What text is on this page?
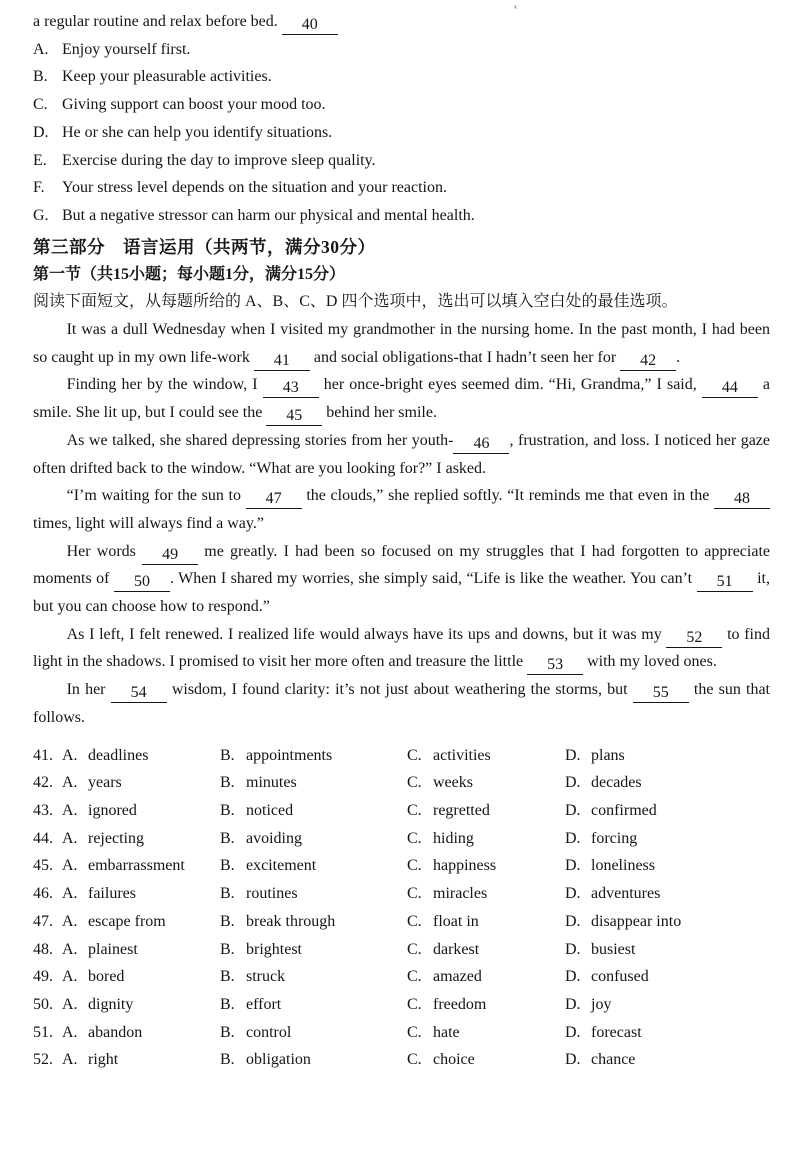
a regular routine and relax before bed. 40
A. Enjoy yourself first.
B. Keep your pleasurable activities.
C. Giving support can boost your mood too.
D. He or she can help you identify situations.
E. Exercise during the day to improve sleep quality.
F. Your stress level depends on the situation and your reaction.
G. But a negative stressor can harm our physical and mental health.
第三部分　语言运用（共两节，满分30分）
第一节（共15小题；每小题1分，满分15分）
阅读下面短文，从每题所给的 A、B、C、D 四个选项中，选出可以填入空白处的最佳选项。

It was a dull Wednesday when I visited my grandmother in the nursing home. In the past month, I had been so caught up in my own life-work 41 and social obligations-that I hadn’t seen her for 42 .

Finding her by the window, I 43 her once-bright eyes seemed dim. “Hi, Grandma,” I said, 44 a smile. She lit up, but I could see the 45 behind her smile.

As we talked, she shared depressing stories from her youth- 46 , frustration, and loss. I noticed her gaze often drifted back to the window. “What are you looking for?” I asked.

“I’m waiting for the sun to 47 the clouds,” she replied softly. “It reminds me that even in the 48 times, light will always find a way.”

Her words 49 me greatly. I had been so focused on my struggles that I had forgotten to appreciate moments of 50 . When I shared my worries, she simply said, “Life is like the weather. You can’t 51 it, but you can choose how to respond.”

As I left, I felt renewed. I realized life would always have its ups and downs, but it was my 52 to find light in the shadows. I promised to visit her more often and treasure the little 53 with my loved ones.

In her 54 wisdom, I found clarity: it’s not just about weathering the storms, but 55 the sun that follows.

41. A. deadlines	B. appointments	C. activities	D. plans
42. A. years	B. minutes	C. weeks	D. decades
43. A. ignored	B. noticed	C. regretted	D. confirmed
44. A. rejecting	B. avoiding	C. hiding	D. forcing
45. A. embarrassment	B. excitement	C. happiness	D. loneliness
46. A. failures	B. routines	C. miracles	D. adventures
47. A. escape from	B. break through	C. float in	D. disappear into
48. A. plainest	B. brightest	C. darkest	D. busiest
49. A. bored	B. struck	C. amazed	D. confused
50. A. dignity	B. effort	C. freedom	D. joy
51. A. abandon	B. control	C. hate	D. forecast
52. A. right	B. obligation	C. choice	D. chance
ˣ
